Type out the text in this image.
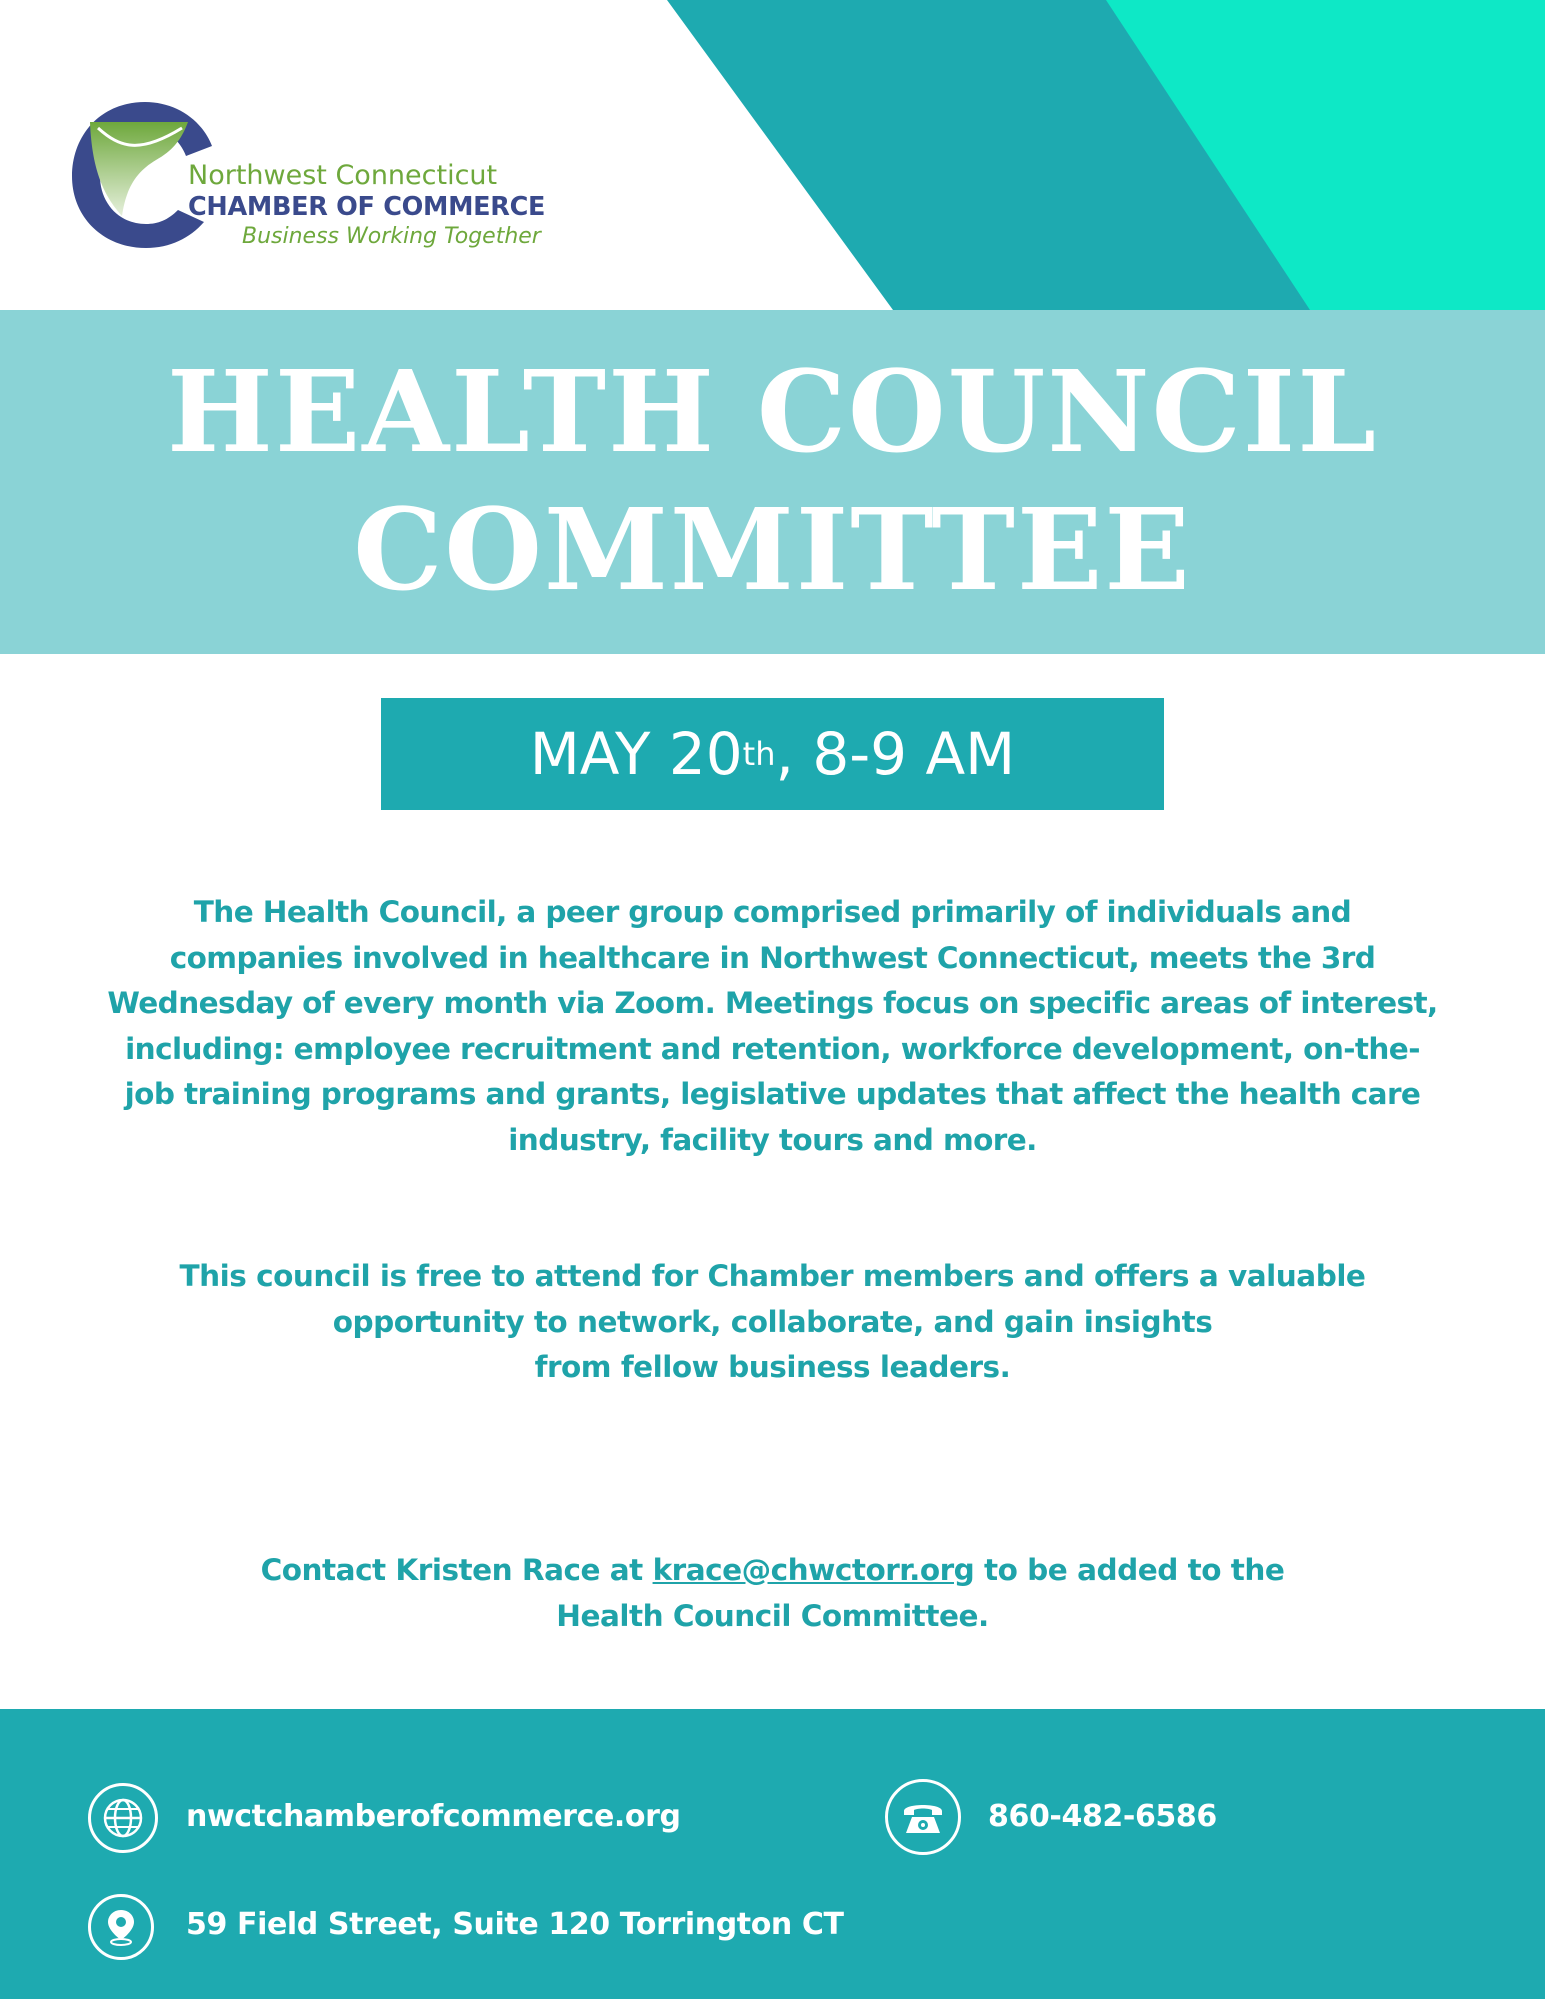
Northwest Connecticut
CHAMBER OF COMMERCE
Business Working Together
HEALTH COUNCIL
COMMITTEE
MAY 20 th , 8-9 AM
The Health Council, a peer group comprised primarily of individuals and
companies involved in healthcare in Northwest Connecticut, meets the 3rd
Wednesday of every month via Zoom. Meetings focus on specific areas of interest,
including: employee recruitment and retention, workforce development, on-the-
job training programs and grants, legislative updates that affect the health care
industry, facility tours and more.
This council is free to attend for Chamber members and offers a valuable
opportunity to network, collaborate, and gain insights
from fellow business leaders.
Contact Kristen Race at krace@chwctorr.org to be added to the
Health Council Committee.
nwctchamberofcommerce.org	860-482-6586
59 Field Street, Suite 120 Torrington CT
